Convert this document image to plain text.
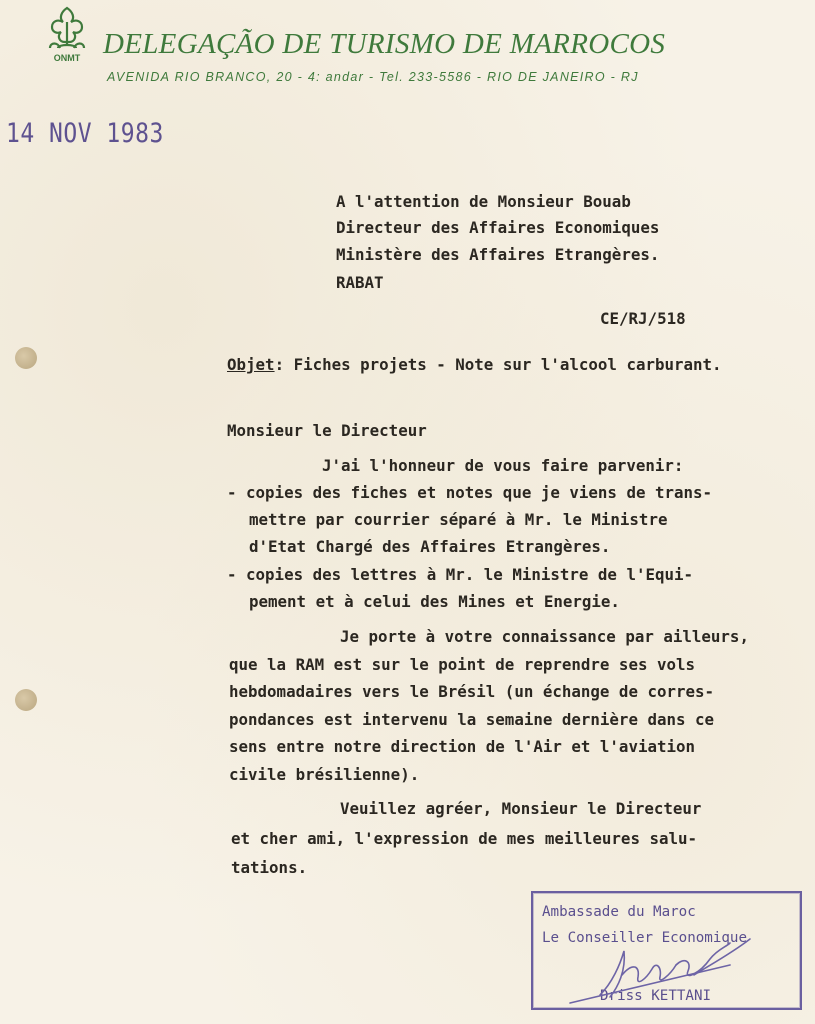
ONMT DELEGAÇÃO DE TURISMO DE MARROCOS
AVENIDA RIO BRANCO, 20 - 4: andar - Tel. 233-5586 - RIO DE JANEIRO - RJ
14 NOV 1983
A l'attention de Monsieur Bouab
Directeur des Affaires Economiques
Ministère des Affaires Etrangères.
RABAT
CE/RJ/518
Objet: Fiches projets - Note sur l'alcool carburant.
Monsieur le Directeur
J'ai l'honneur de vous faire parvenir:
- copies des fiches et notes que je viens de trans-
mettre par courrier séparé à Mr. le Ministre
d'Etat Chargé des Affaires Etrangères.
- copies des lettres à Mr. le Ministre de l'Equi-
pement et à celui des Mines et Energie.
Je porte à votre connaissance par ailleurs,
que la RAM est sur le point de reprendre ses vols
hebdomadaires vers le Brésil (un échange de corres-
pondances est intervenu la semaine dernière dans ce
sens entre notre direction de l'Air et l'aviation
civile brésilienne).
Veuillez agréer, Monsieur le Directeur
et cher ami, l'expression de mes meilleures salu-
tations.
Ambassade du Maroc
Le Conseiller Economique
Driss KETTANI
